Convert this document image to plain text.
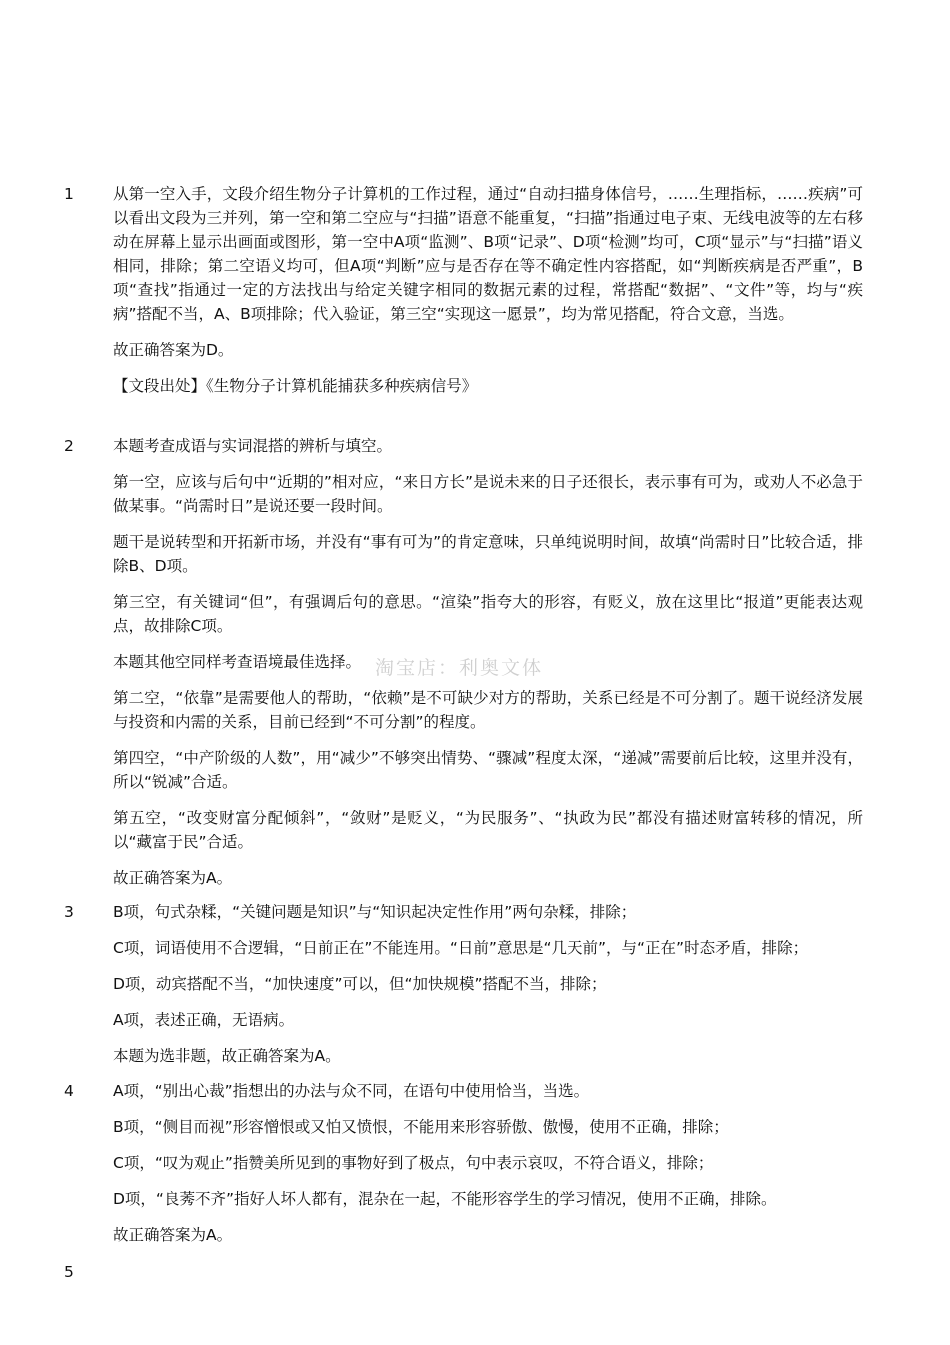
1	从第一空入手，文段介绍生物分子计算机的工作过程，通过“自动扫描身体信号，……生理指标，……疾病”可以看出文段为三并列，第一空和第二空应与“扫描”语意不能重复，“扫描”指通过电子束、无线电波等的左右移动在屏幕上显示出画面或图形，第一空中A项“监测”、B项“记录”、D项“检测”均可，C项“显示”与“扫描”语义相同，排除；第二空语义均可，但A项“判断”应与是否存在等不确定性内容搭配，如“判断疾病是否严重”，B项“查找”指通过一定的方法找出与给定关键字相同的数据元素的过程，常搭配“数据”、“文件”等，均与“疾病”搭配不当，A、B项排除；代入验证，第三空“实现这一愿景”，均为常见搭配，符合文意，当选。

故正确答案为D。

【文段出处】《生物分子计算机能捕获多种疾病信号》

2	本题考查成语与实词混搭的辨析与填空。

第一空，应该与后句中“近期的”相对应，“来日方长”是说未来的日子还很长，表示事有可为，或劝人不必急于做某事。“尚需时日”是说还要一段时间。

题干是说转型和开拓新市场，并没有“事有可为”的肯定意味，只单纯说明时间，故填“尚需时日”比较合适，排除B、D项。

第三空，有关键词“但”，有强调后句的意思。“渲染”指夸大的形容，有贬义，放在这里比“报道”更能表达观点，故排除C项。

本题其他空同样考查语境最佳选择。

第二空，“依靠”是需要他人的帮助，“依赖”是不可缺少对方的帮助，关系已经是不可分割了。题干说经济发展与投资和内需的关系，目前已经到“不可分割”的程度。

第四空，“中产阶级的人数”，用“减少”不够突出情势、“骤减”程度太深，“递减”需要前后比较，这里并没有，所以“锐减”合适。

第五空，“改变财富分配倾斜”，“敛财”是贬义，“为民服务”、“执政为民”都没有描述财富转移的情况，所以“藏富于民”合适。

故正确答案为A。

3	B项，句式杂糅，“关键问题是知识”与“知识起决定性作用”两句杂糅，排除；

C项，词语使用不合逻辑，“日前正在”不能连用。“日前”意思是“几天前”，与“正在”时态矛盾，排除；

D项，动宾搭配不当，“加快速度”可以，但“加快规模”搭配不当，排除；

A项，表述正确，无语病。

本题为选非题，故正确答案为A。

4	A项，“别出心裁”指想出的办法与众不同，在语句中使用恰当，当选。

B项，“侧目而视”形容憎恨或又怕又愤恨，不能用来形容骄傲、傲慢，使用不正确，排除；

C项，“叹为观止”指赞美所见到的事物好到了极点，句中表示哀叹，不符合语义，排除；

D项，“良莠不齐”指好人坏人都有，混杂在一起，不能形容学生的学习情况，使用不正确，排除。

故正确答案为A。

5
淘宝店：利奥文体
